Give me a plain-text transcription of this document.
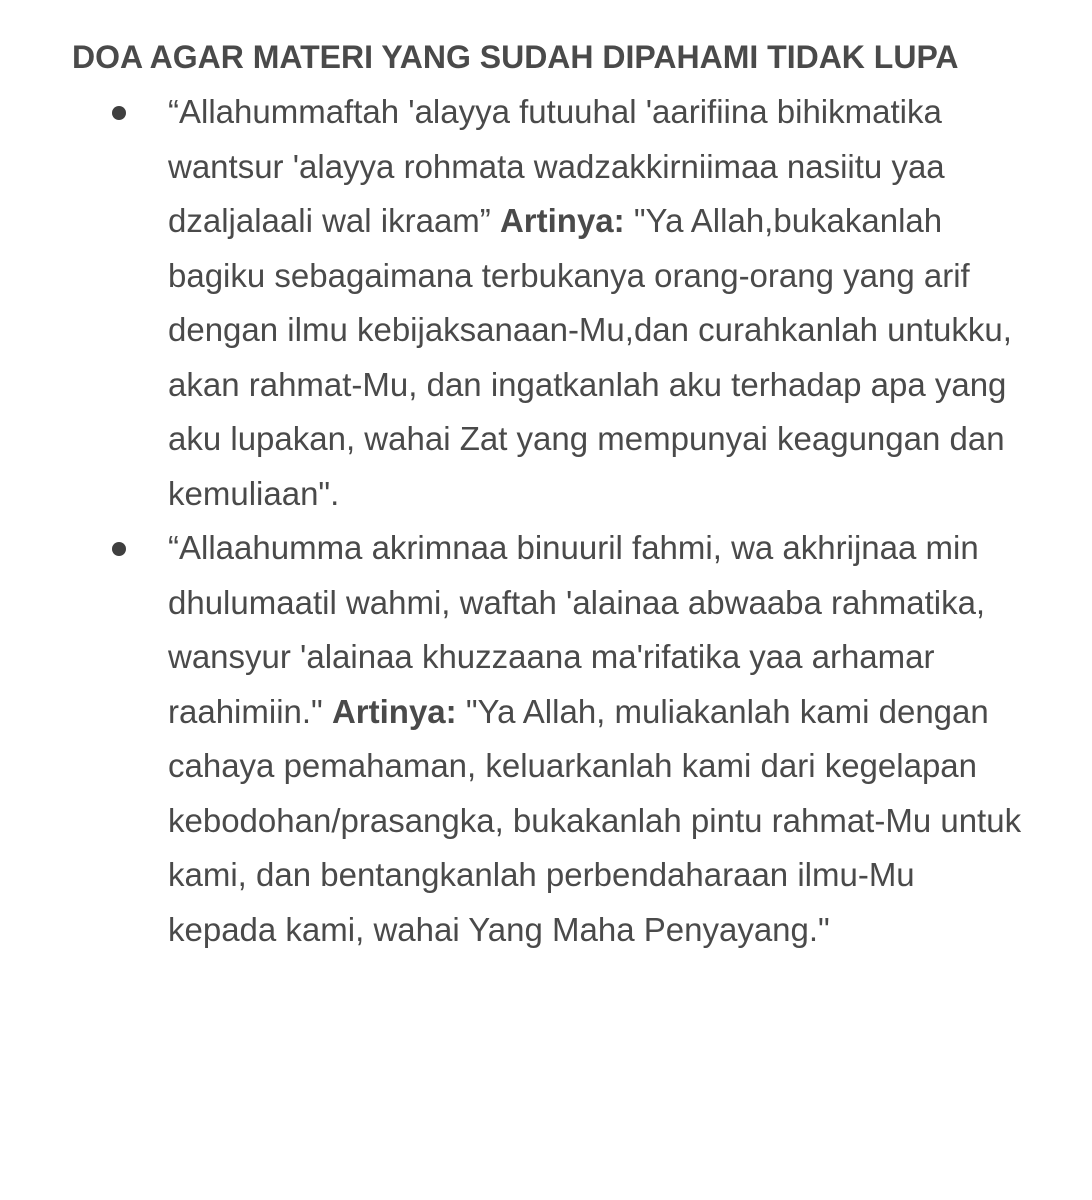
DOA AGAR MATERI YANG SUDAH DIPAHAMI TIDAK LUPA
“Allahummaftah 'alayya futuuhal 'aarifiina bihikmatika wantsur 'alayya rohmata wadzakkirniimaa nasiitu yaa dzaljalaali wal ikraam” Artinya: "Ya Allah,bukakanlah bagiku sebagaimana terbukanya orang-orang yang arif dengan ilmu kebijaksanaan-Mu,dan curahkanlah untukku, akan rahmat-Mu, dan ingatkanlah aku terhadap apa yang aku lupakan, wahai Zat yang mempunyai keagungan dan kemuliaan".
“Allaahumma akrimnaa binuuril fahmi, wa akhrijnaa min dhulumaatil wahmi, waftah 'alainaa abwaaba rahmatika, wansyur 'alainaa khuzzaana ma'rifatika yaa arhamar raahimiin." Artinya: "Ya Allah, muliakanlah kami dengan cahaya pemahaman, keluarkanlah kami dari kegelapan kebodohan/prasangka, bukakanlah pintu rahmat-Mu untuk kami, dan bentangkanlah perbendaharaan ilmu-Mu kepada kami, wahai Yang Maha Penyayang."
